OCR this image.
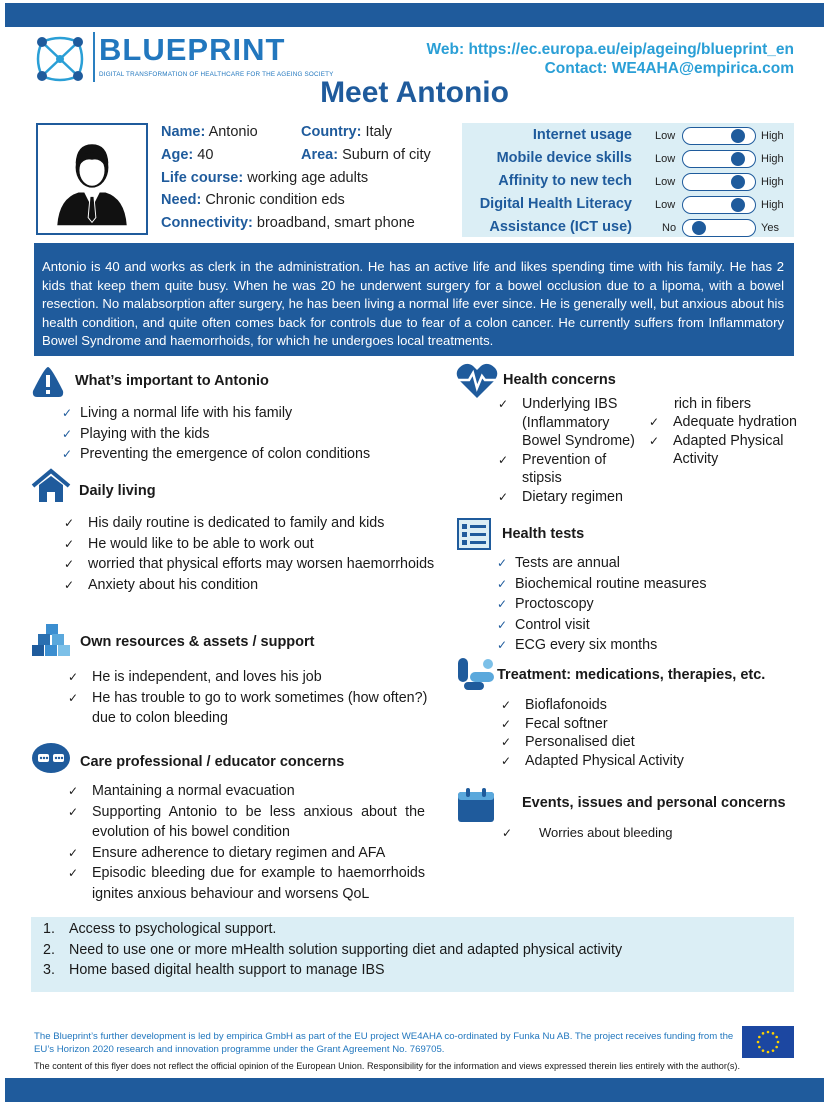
BLUEPRINT
DIGITAL TRANSFORMATION OF HEALTHCARE FOR THE AGEING SOCIETY
Web: https://ec.europa.eu/eip/ageing/blueprint_en
Contact: WE4AHA@empirica.com
Meet Antonio
Name: Antonio	Country: Italy
Age: 40	Area: Suburn of city
Life course: working age adults
Need: Chronic condition eds
Connectivity: broadband, smart phone
Internet usage Low	High
Mobile device skills Low	High
Affinity to new tech Low	High
Digital Health Literacy Low	High
Assistance (ICT use)	No	Yes
Antonio is 40 and works as clerk in the administration. He has an active life and likes spending time with his family. He has 2 kids that keep them quite busy. When he was 20 he underwent surgery for a bowel occlusion due to a lipoma, with a bowel resection. No malabsorption after surgery, he has been living a normal life ever since. He is generally well, but anxious about his health condition, and quite often comes back for controls due to fear of a colon cancer. He currently suffers from Inflammatory Bowel Syndrome and haemorrhoids, for which he undergoes local treatments.
What’s important to Antonio
✓ Living a normal life with his family
✓ Playing with the kids
✓ Preventing the emergence of colon conditions
Daily living
✓ His daily routine is dedicated to family and kids
✓ He would like to be able to work out
✓ worried that physical efforts may worsen haemorrhoids
✓ Anxiety about his condition
Own resources & assets / support
✓ He is independent, and loves his job
✓ He has trouble to go to work sometimes (how often?) due to colon bleeding
Care professional / educator concerns
✓ Mantaining a normal evacuation
✓ Supporting Antonio to be less anxious about the evolution of his bowel condition
✓ Ensure adherence to dietary regimen and AFA
✓ Episodic bleeding due for example to haemorrhoids ignites anxious behaviour and worsens QoL
Health concerns
✓ Underlying IBS (Inflammatory Bowel Syndrome)
✓ Prevention of stipsis
✓ Dietary regimen
rich in fibers
✓ Adequate hydration
✓ Adapted Physical Activity
Health tests
✓ Tests are annual
✓ Biochemical routine measures
✓ Proctoscopy
✓ Control visit
✓ ECG every six months
Treatment: medications, therapies, etc.
✓ Bioflafonoids
✓ Fecal softner
✓ Personalised diet
✓ Adapted Physical Activity
Events, issues and personal concerns
✓ Worries about bleeding
1. Access to psychological support.
2. Need to use one or more mHealth solution supporting diet and adapted physical activity
3. Home based digital health support to manage IBS
The Blueprint’s further development is led by empirica GmbH as part of the EU project WE4AHA co-ordinated by Funka Nu AB. The project receives funding from the EU’s Horizon 2020 research and innovation programme under the Grant Agreement No. 769705.
The content of this flyer does not reflect the official opinion of the European Union. Responsibility for the information and views expressed therein lies entirely with the author(s).
